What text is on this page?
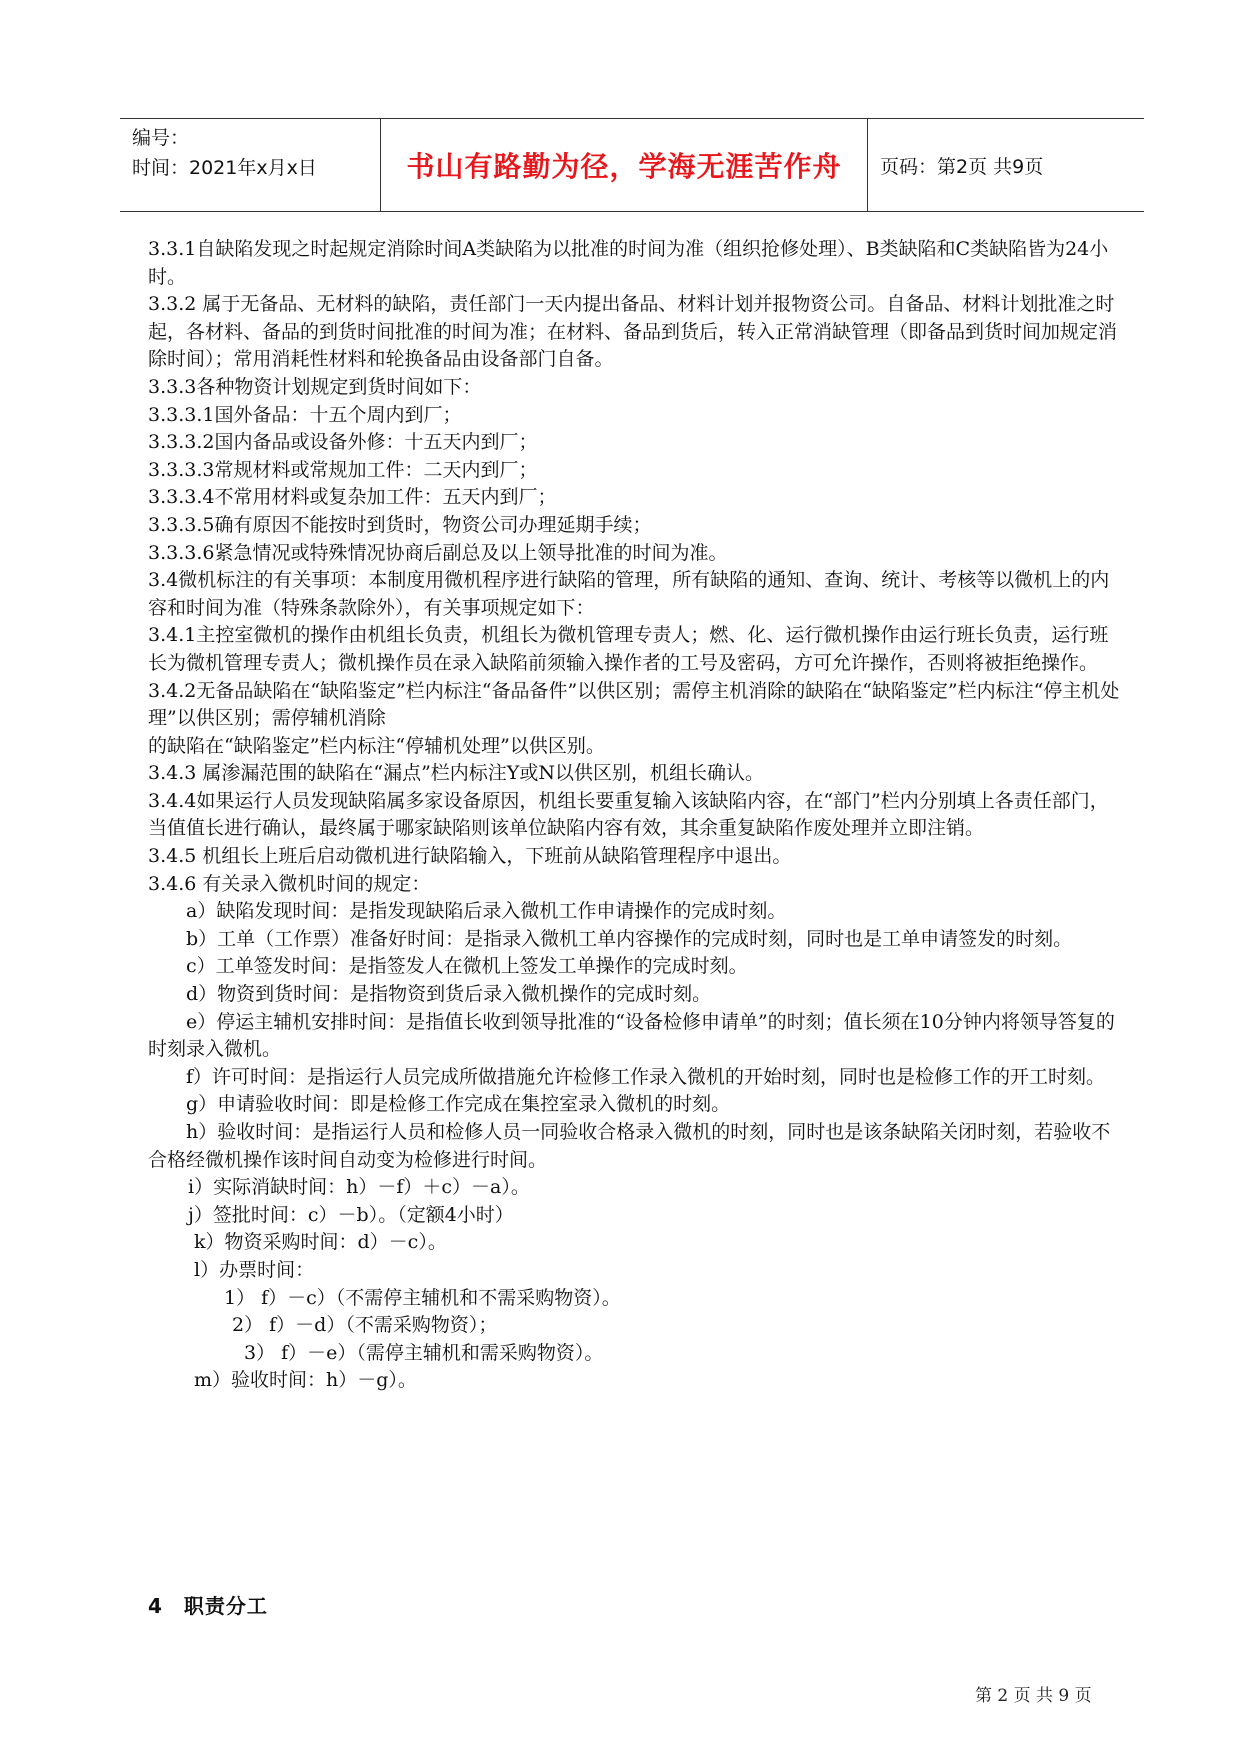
编号：
时间：2021年x月x日	书山有路勤为径，学海无涯苦作舟 页码：第2页 共9页

3.3.1自缺陷发现之时起规定消除时间A类缺陷为以批准的时间为准（组织抢修处理）、B类缺陷和C类缺陷皆为24小时。

3.3.2 属于无备品、无材料的缺陷，责任部门一天内提出备品、材料计划并报物资公司。自备品、材料计划批准之时起，各材料、备品的到货时间批准的时间为准；在材料、备品到货后，转入正常消缺管理（即备品到货时间加规定消除时间）；常用消耗性材料和轮换备品由设备部门自备。

3.3.3各种物资计划规定到货时间如下：

3.3.3.1国外备品：十五个周内到厂；

3.3.3.2国内备品或设备外修：十五天内到厂；

3.3.3.3常规材料或常规加工件：二天内到厂；

3.3.3.4不常用材料或复杂加工件：五天内到厂；

3.3.3.5确有原因不能按时到货时，物资公司办理延期手续；

3.3.3.6紧急情况或特殊情况协商后副总及以上领导批准的时间为准。

3.4微机标注的有关事项：本制度用微机程序进行缺陷的管理，所有缺陷的通知、查询、统计、考核等以微机上的内容和时间为准（特殊条款除外），有关事项规定如下：

3.4.1主控室微机的操作由机组长负责，机组长为微机管理专责人；燃、化、运行微机操作由运行班长负责，运行班长为微机管理专责人；微机操作员在录入缺陷前须输入操作者的工号及密码，方可允许操作，否则将被拒绝操作。

3.4.2无备品缺陷在“缺陷鉴定”栏内标注“备品备件”以供区别；需停主机消除的缺陷在“缺陷鉴定”栏内标注“停主机处理”以供区别；需停辅机消除

的缺陷在“缺陷鉴定”栏内标注“停辅机处理”以供区别。

3.4.3 属渗漏范围的缺陷在“漏点”栏内标注Y或N以供区别，机组长确认。

3.4.4如果运行人员发现缺陷属多家设备原因，机组长要重复输入该缺陷内容，在“部门”栏内分别填上各责任部门，当值值长进行确认，最终属于哪家缺陷则该单位缺陷内容有效，其余重复缺陷作废处理并立即注销。

3.4.5 机组长上班后启动微机进行缺陷输入，下班前从缺陷管理程序中退出。

3.4.6 有关录入微机时间的规定：

a）缺陷发现时间：是指发现缺陷后录入微机工作申请操作的完成时刻。

b）工单（工作票）准备好时间：是指录入微机工单内容操作的完成时刻，同时也是工单申请签发的时刻。

c）工单签发时间：是指签发人在微机上签发工单操作的完成时刻。

d）物资到货时间：是指物资到货后录入微机操作的完成时刻。

e）停运主辅机安排时间：是指值长收到领导批准的“设备检修申请单”的时刻；值长须在10分钟内将领导答复的时刻录入微机。

f）许可时间：是指运行人员完成所做措施允许检修工作录入微机的开始时刻，同时也是检修工作的开工时刻。

g）申请验收时间：即是检修工作完成在集控室录入微机的时刻。

h）验收时间：是指运行人员和检修人员一同验收合格录入微机的时刻，同时也是该条缺陷关闭时刻，若验收不合格经微机操作该时间自动变为检修进行时间。

i）实际消缺时间：h）－f）＋c）－a）。

j）签批时间：c）－b）。（定额4小时）

k）物资采购时间：d）－c）。

l）办票时间：

1） f）－c）（不需停主辅机和不需采购物资）。

2） f）－d）（不需采购物资）；

3） f）－e）（需停主辅机和需采购物资）。

m）验收时间：h）－g）。

4　职责分工
第 2 页 共 9 页
